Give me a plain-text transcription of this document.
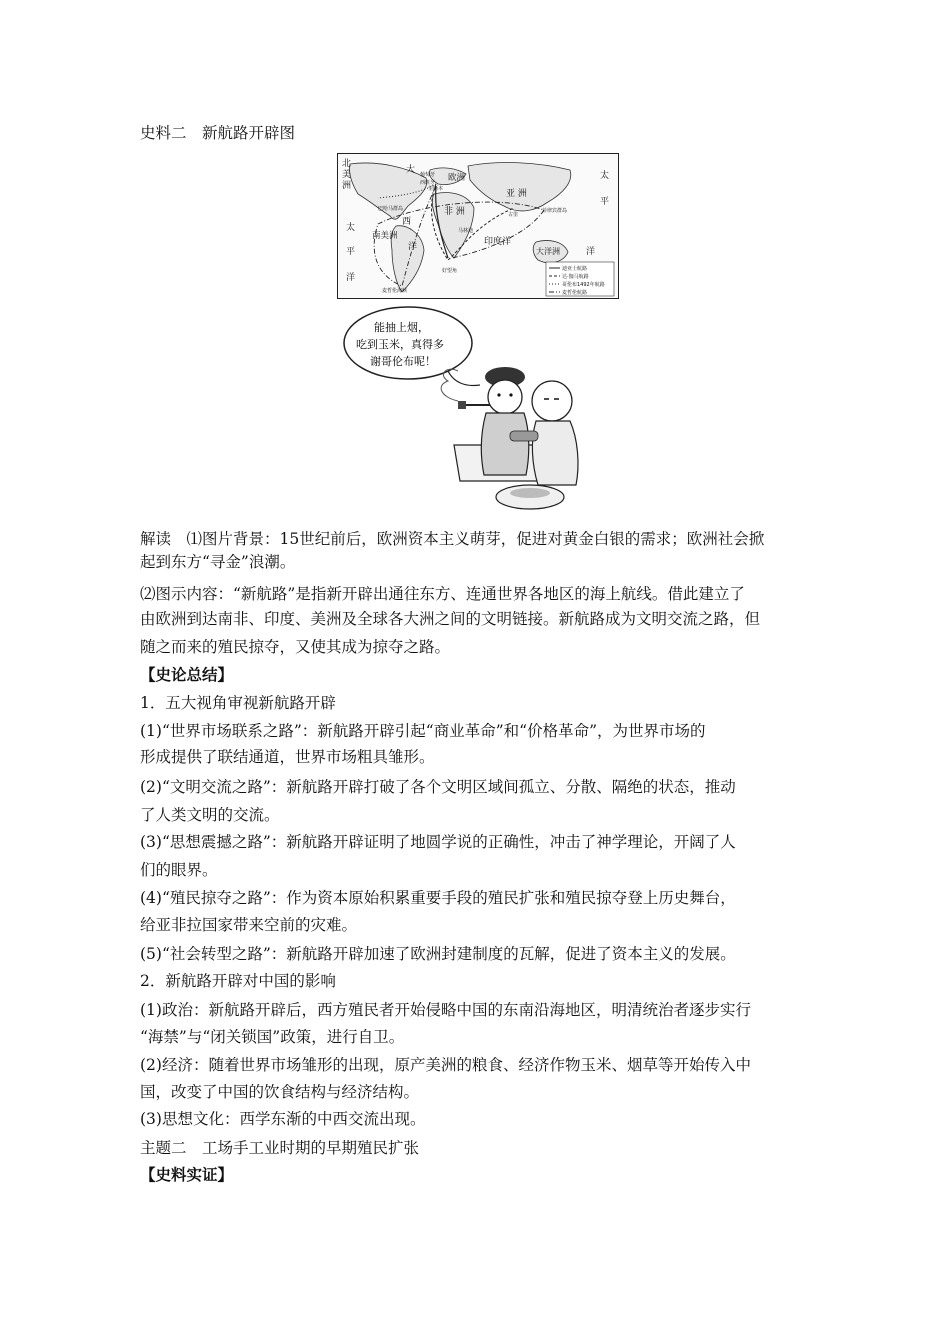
史料二　新航路开辟图
北
美
洲
大
西
洋
欧洲
亚 洲
非 洲
太
平
洋
太
平
洋
南美洲
印度洋
大洋洲
葡萄牙
西班牙
里斯本
巴哈马群岛
好望角
麦哲伦海峡
菲律宾群岛
古里
马林迪
迪亚士航路
达·伽马航路
哥伦布1492年航路
麦哲伦航路
能抽上烟，
吃到玉米，真得多
谢哥伦布呢！
解读　⑴图片背景：15世纪前后，欧洲资本主义萌芽，促进对黄金白银的需求；欧洲社会掀
起到东方“寻金”浪潮。
⑵图示内容：“新航路”是指新开辟出通往东方、连通世界各地区的海上航线。借此建立了
由欧洲到达南非、印度、美洲及全球各大洲之间的文明链接。新航路成为文明交流之路，但
随之而来的殖民掠夺，又使其成为掠夺之路。
【史论总结】
1．五大视角审视新航路开辟
(1)“世界市场联系之路”：新航路开辟引起“商业革命”和“价格革命”，为世界市场的
形成提供了联结通道，世界市场粗具雏形。
(2)“文明交流之路”：新航路开辟打破了各个文明区域间孤立、分散、隔绝的状态，推动
了人类文明的交流。
(3)“思想震撼之路”：新航路开辟证明了地圆学说的正确性，冲击了神学理论，开阔了人
们的眼界。
(4)“殖民掠夺之路”：作为资本原始积累重要手段的殖民扩张和殖民掠夺登上历史舞台，
给亚非拉国家带来空前的灾难。
(5)“社会转型之路”：新航路开辟加速了欧洲封建制度的瓦解，促进了资本主义的发展。
2．新航路开辟对中国的影响
(1)政治：新航路开辟后，西方殖民者开始侵略中国的东南沿海地区，明清统治者逐步实行
“海禁”与“闭关锁国”政策，进行自卫。
(2)经济：随着世界市场雏形的出现，原产美洲的粮食、经济作物玉米、烟草等开始传入中
国，改变了中国的饮食结构与经济结构。
(3)思想文化：西学东渐的中西交流出现。
主题二　工场手工业时期的早期殖民扩张
【史料实证】
